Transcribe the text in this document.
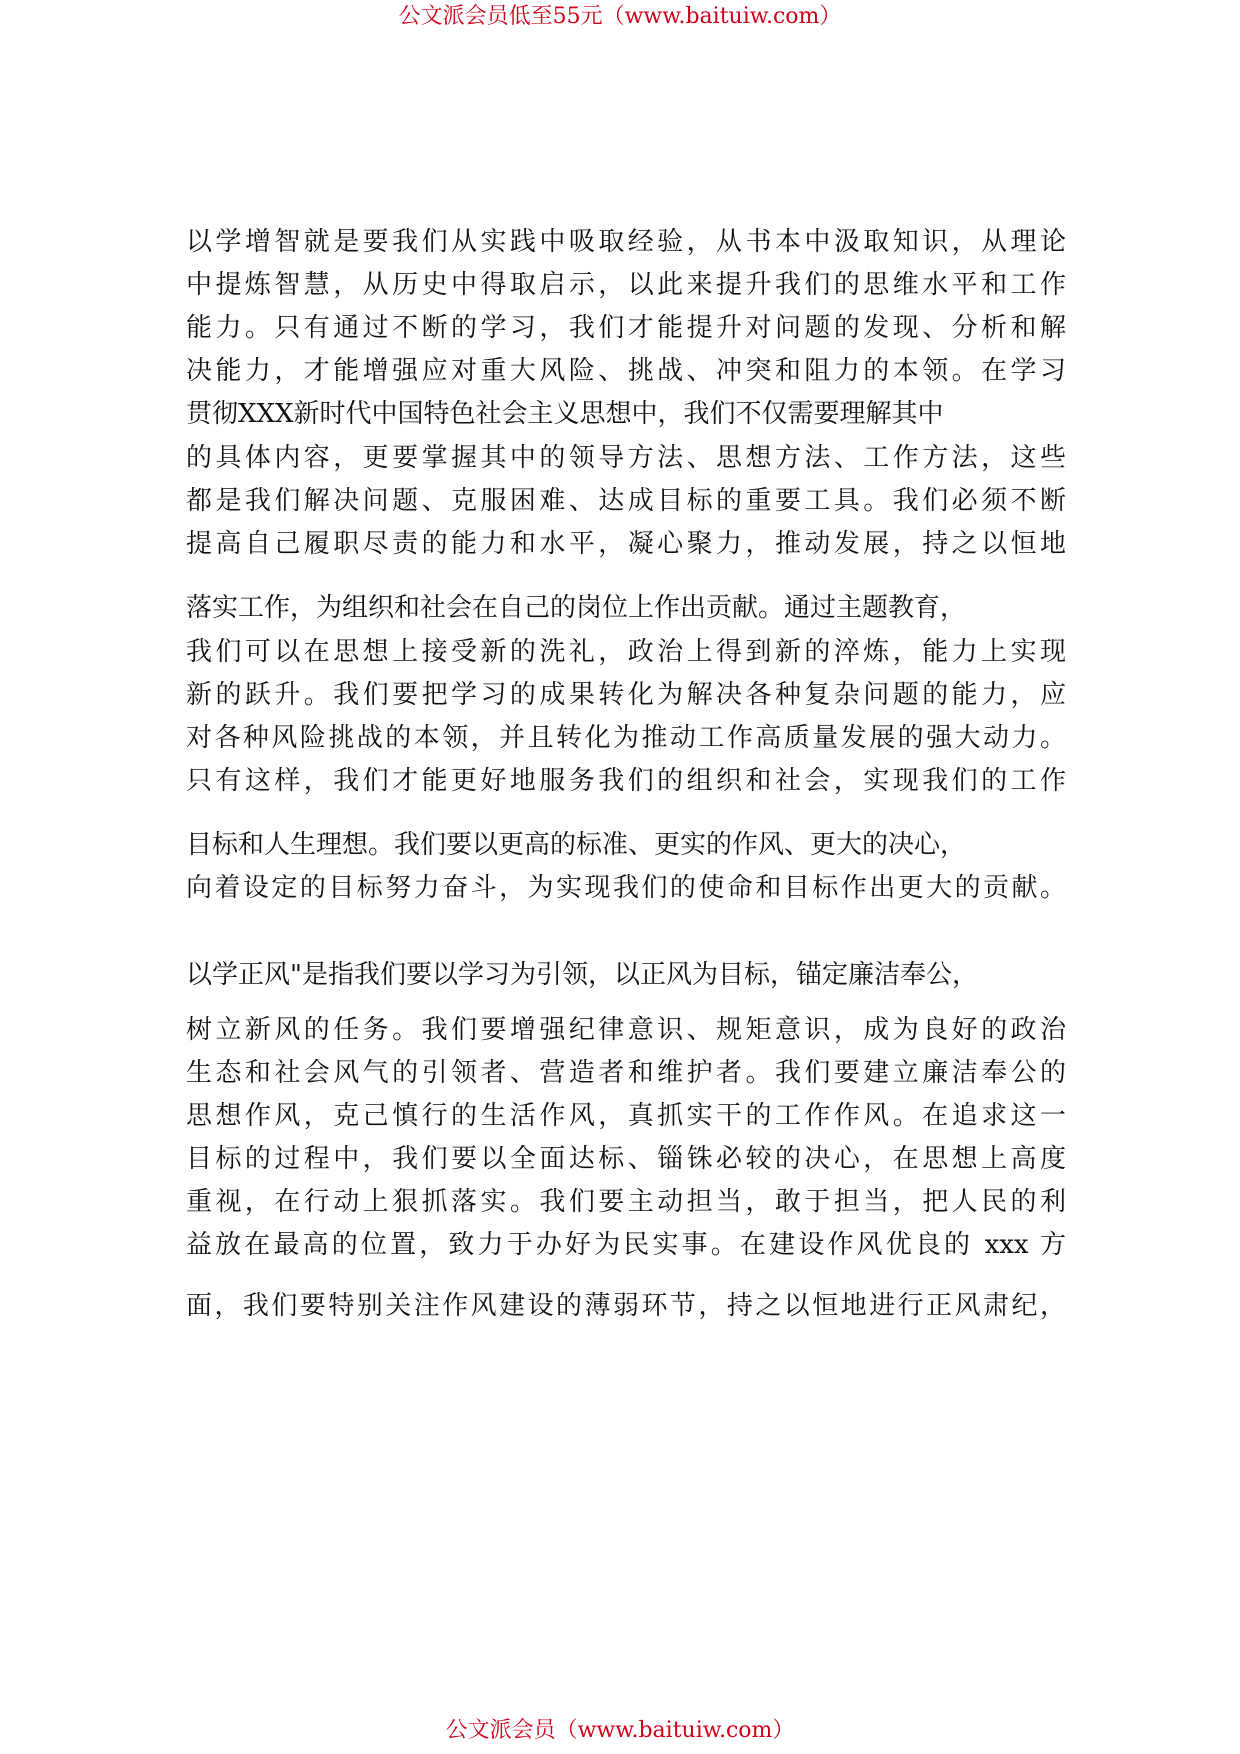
公文派会员低至55元（www.baituiw.com）
以学增智就是要我们从实践中吸取经验，从书本中汲取知识，从理论
中提炼智慧，从历史中得取启示，以此来提升我们的思维水平和工作
能力。只有通过不断的学习，我们才能提升对问题的发现、分析和解
决能力，才能增强应对重大风险、挑战、冲突和阻力的本领。在学习
贯彻XXX新时代中国特色社会主义思想中，我们不仅需要理解其中
的具体内容，更要掌握其中的领导方法、思想方法、工作方法，这些
都是我们解决问题、克服困难、达成目标的重要工具。我们必须不断
提高自己履职尽责的能力和水平，凝心聚力，推动发展，持之以恒地
落实工作，为组织和社会在自己的岗位上作出贡献。通过主题教育，
我们可以在思想上接受新的洗礼，政治上得到新的淬炼，能力上实现
新的跃升。我们要把学习的成果转化为解决各种复杂问题的能力，应
对各种风险挑战的本领，并且转化为推动工作高质量发展的强大动力。
只有这样，我们才能更好地服务我们的组织和社会，实现我们的工作
目标和人生理想。我们要以更高的标准、更实的作风、更大的决心，
向着设定的目标努力奋斗，为实现我们的使命和目标作出更大的贡献。
以学正风"是指我们要以学习为引领，以正风为目标，锚定廉洁奉公，
树立新风的任务。我们要增强纪律意识、规矩意识，成为良好的政治
生态和社会风气的引领者、营造者和维护者。我们要建立廉洁奉公的
思想作风，克己慎行的生活作风，真抓实干的工作作风。在追求这一
目标的过程中，我们要以全面达标、锱铢必较的决心，在思想上高度
重视，在行动上狠抓落实。我们要主动担当，敢于担当，把人民的利
益放在最高的位置，致力于办好为民实事。在建设作风优良的 xxx 方
面，我们要特别关注作风建设的薄弱环节，持之以恒地进行正风肃纪，
公文派会员（www.baituiw.com）
